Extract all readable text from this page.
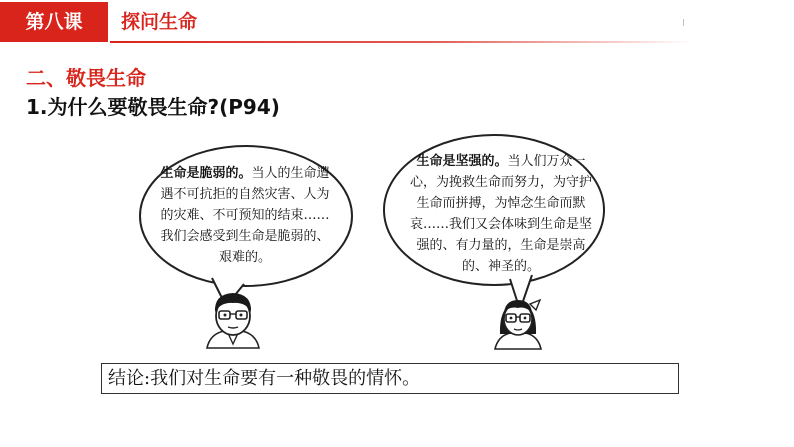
第八课	探问生命
二、敬畏生命
1.为什么要敬畏生命?(P94)
生命是脆弱的。当人的生命遭遇不可抗拒的自然灾害、人为的灾难、不可预知的结束……我们会感受到生命是脆弱的、艰难的。
生命是坚强的。当人们万众一心，为挽救生命而努力，为守护生命而拼搏，为悼念生命而默哀……我们又会体味到生命是坚强的、有力量的，生命是崇高的、神圣的。
结论:我们对生命要有一种敬畏的情怀。
